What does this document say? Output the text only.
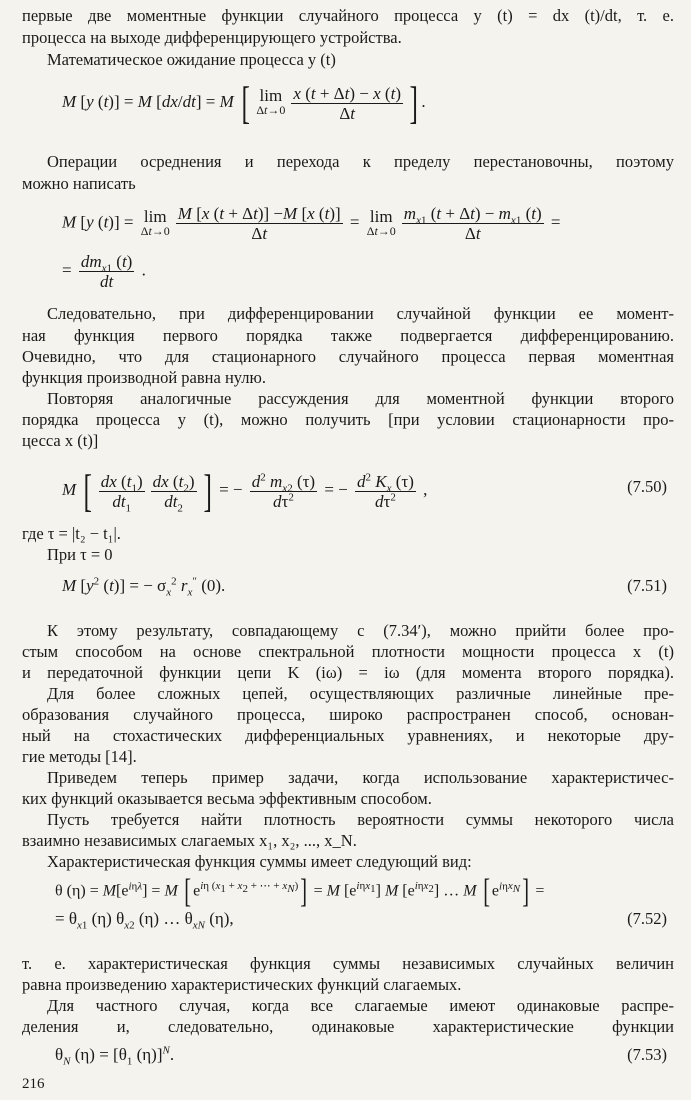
первые две моментные функции случайного процесса y (t) = dx (t)/dt, т. е.
процесса на выходе дифференцирующего устройства.
Математическое ожидание процесса y (t)
M [y (t)] = M [dx/dt] = M [ lim
$\Delta t\to 0 \frac{x (t + \Delta t) - x (t)}{\Delta t}$ ] .
Операции осреднения и перехода к пределу перестановочны, поэтому
можно написать
M [y (t)] = lim
$\Delta t\to 0 \frac{M [x (t + \Delta t)] -M [x (t)]}{\Delta t} = \lim$
$\Delta t\to 0 \frac{m_{x1} (t + \Delta t) - m_{x1} (t)}{\Delta t}$ =
= $\frac{dm_{x1} (t)}{dt}$ .
Следовательно, при дифференцировании случайной функции ее момент-
ная функция первого порядка также подвергается дифференцированию.
Очевидно, что для стационарного случайного процесса первая моментная
функция производной равна нулю.
Повторяя аналогичные рассуждения для моментной функции второго
порядка процесса y (t), можно получить [при условии стационарности про-
цесса x (t)]
M [ $\frac{dx (t_1)}{dt_1} \frac{dx (t_2)}{dt_2}$ ] = − $\frac{d^2 m_{x2} (\tau)}{d\tau^2}$ = − $\frac{d^2 K_x (\tau)}{d\tau^2}$ ,	(7.50)
где τ = |t₂ − t₁|.
При τ = 0
M [$y^2$ (t)] = − $\sigma_x^2$ $r_x''$ (0).	(7.51)
К этому результату, совпадающему с (7.34′), можно прийти более про-
стым способом на основе спектральной плотности мощности процесса x (t)
и передаточной функции цепи K (iω) = iω (для момента второго порядка).
Для более сложных цепей, осуществляющих различные линейные пре-
образования случайного процесса, широко распространен способ, основан-
ный на стохастических дифференциальных уравнениях, и некоторые дру-
гие методы [14].
Приведем теперь пример задачи, когда использование характеристичес-
ких функций оказывается весьма эффективным способом.
Пусть требуется найти плотность вероятности суммы некоторого числа
взаимно независимых слагаемых x₁, x₂, ..., x_N.
Характеристическая функция суммы имеет следующий вид:
θ $(\eta) = M[e^{i\eta\lambda}] = M$ [ $e^{i\eta (x_1 + x_2 + \cdots + x_N)}] = M$ $[e^{i\eta x_1}]$ M $[e^{i\eta x_2}]$ … M [ $e^{i\eta x_N}$] =
= $\theta_{x1}$ (η) $\theta_{x2}$ (η) … $\theta_{xN}$ (η),	(7.52)
т. е. характеристическая функция суммы независимых случайных величин
равна произведению характеристических функций слагаемых.
Для частного случая, когда все слагаемые имеют одинаковые распре-
деления и, следовательно, одинаковые характеристические функции
$\theta_N$ $(\eta) = [\theta_1$ (η)]$^N$.	(7.53)
216
